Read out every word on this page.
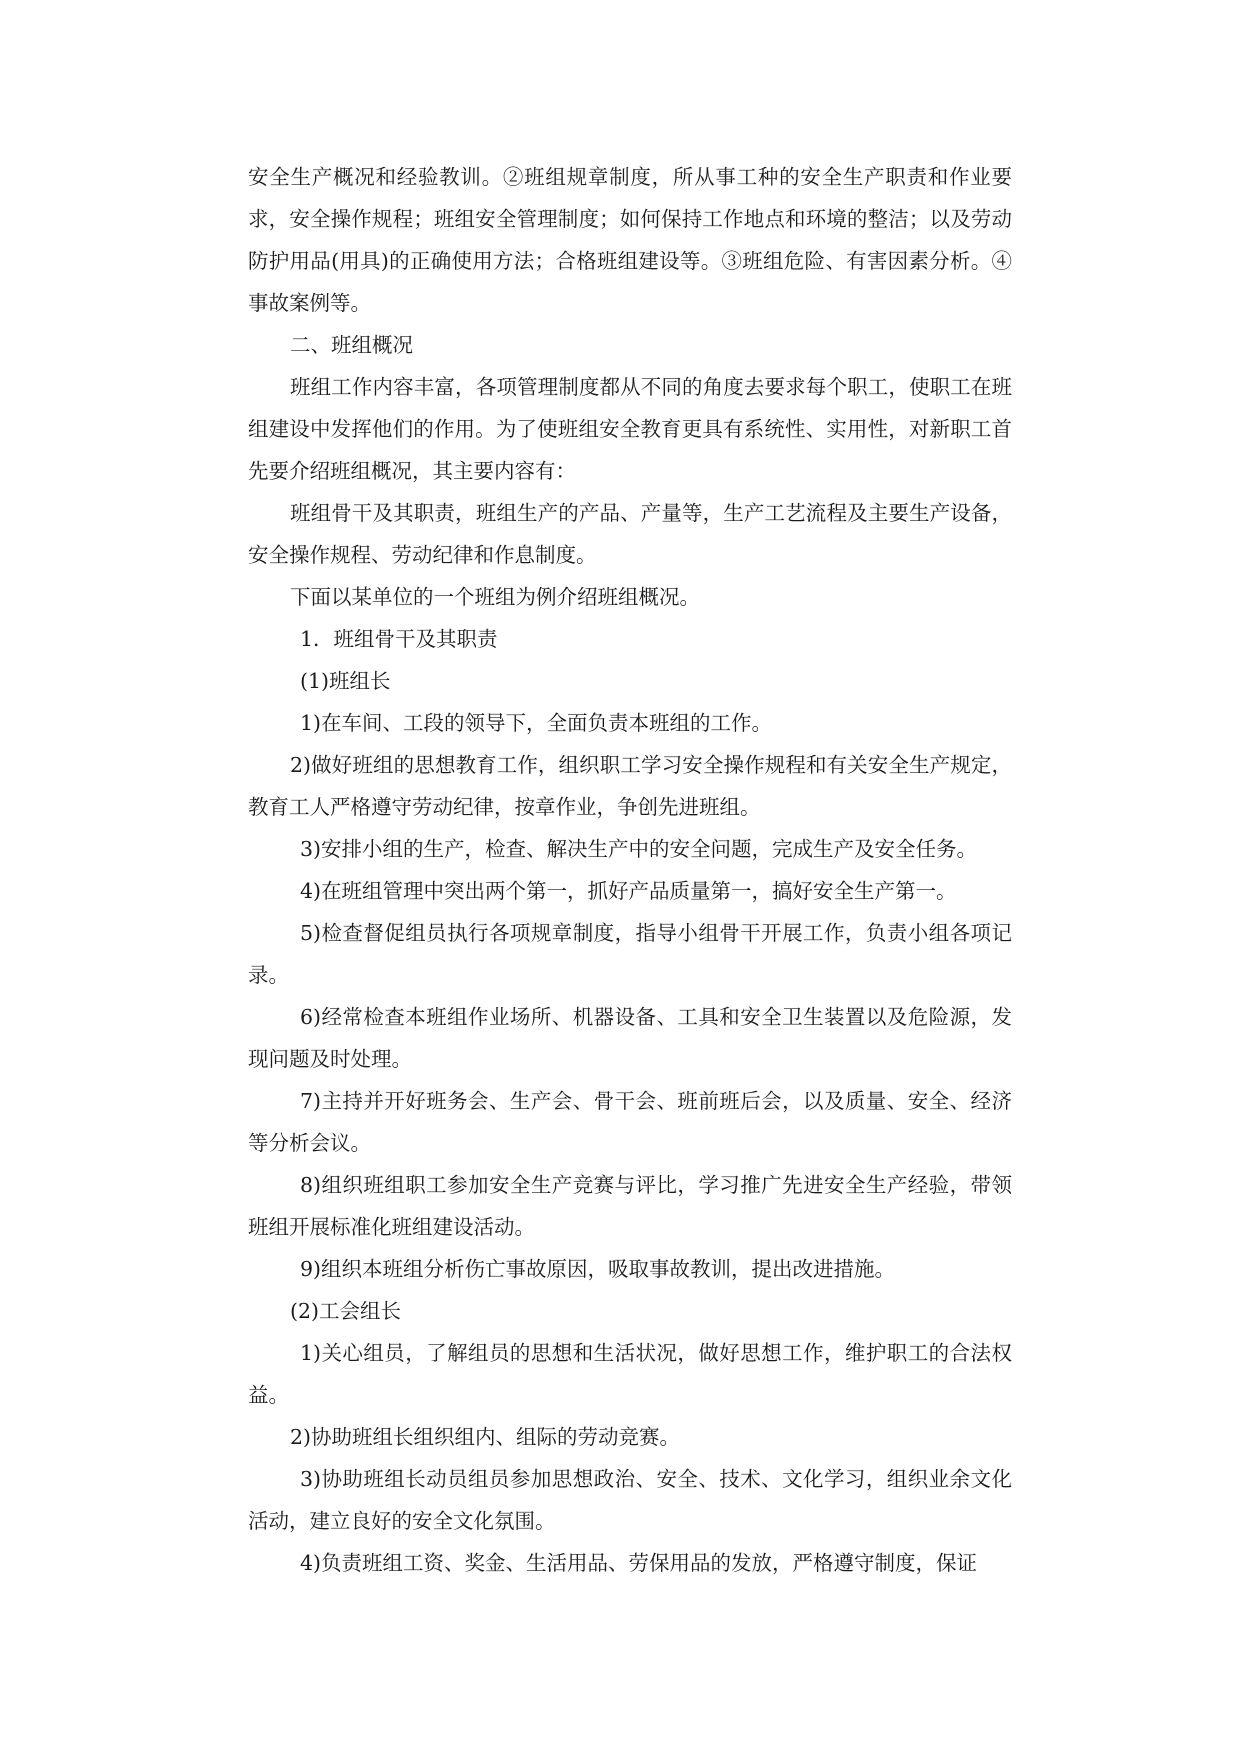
安全生产概况和经验教训。②班组规章制度，所从事工种的安全生产职责和作业要求，安全操作规程；班组安全管理制度；如何保持工作地点和环境的整洁；以及劳动防护用品(用具)的正确使用方法；合格班组建设等。③班组危险、有害因素分析。④事故案例等。

二、班组概况

班组工作内容丰富，各项管理制度都从不同的角度去要求每个职工，使职工在班组建设中发挥他们的作用。为了使班组安全教育更具有系统性、实用性，对新职工首先要介绍班组概况，其主要内容有：

班组骨干及其职责，班组生产的产品、产量等，生产工艺流程及主要生产设备，安全操作规程、劳动纪律和作息制度。

下面以某单位的一个班组为例介绍班组概况。

1．班组骨干及其职责

(1)班组长

1)在车间、工段的领导下，全面负责本班组的工作。

2)做好班组的思想教育工作，组织职工学习安全操作规程和有关安全生产规定，教育工人严格遵守劳动纪律，按章作业，争创先进班组。

3)安排小组的生产，检查、解决生产中的安全问题，完成生产及安全任务。

4)在班组管理中突出两个第一，抓好产品质量第一，搞好安全生产第一。

5)检查督促组员执行各项规章制度，指导小组骨干开展工作，负责小组各项记录。

6)经常检查本班组作业场所、机器设备、工具和安全卫生装置以及危险源，发现问题及时处理。

7)主持并开好班务会、生产会、骨干会、班前班后会，以及质量、安全、经济等分析会议。

8)组织班组职工参加安全生产竞赛与评比，学习推广先进安全生产经验，带领班组开展标准化班组建设活动。

9)组织本班组分析伤亡事故原因，吸取事故教训，提出改进措施。

(2)工会组长

1)关心组员，了解组员的思想和生活状况，做好思想工作，维护职工的合法权益。

2)协助班组长组织组内、组际的劳动竞赛。

3)协助班组长动员组员参加思想政治、安全、技术、文化学习，组织业余文化活动，建立良好的安全文化氛围。

4)负责班组工资、奖金、生活用品、劳保用品的发放，严格遵守制度，保证
